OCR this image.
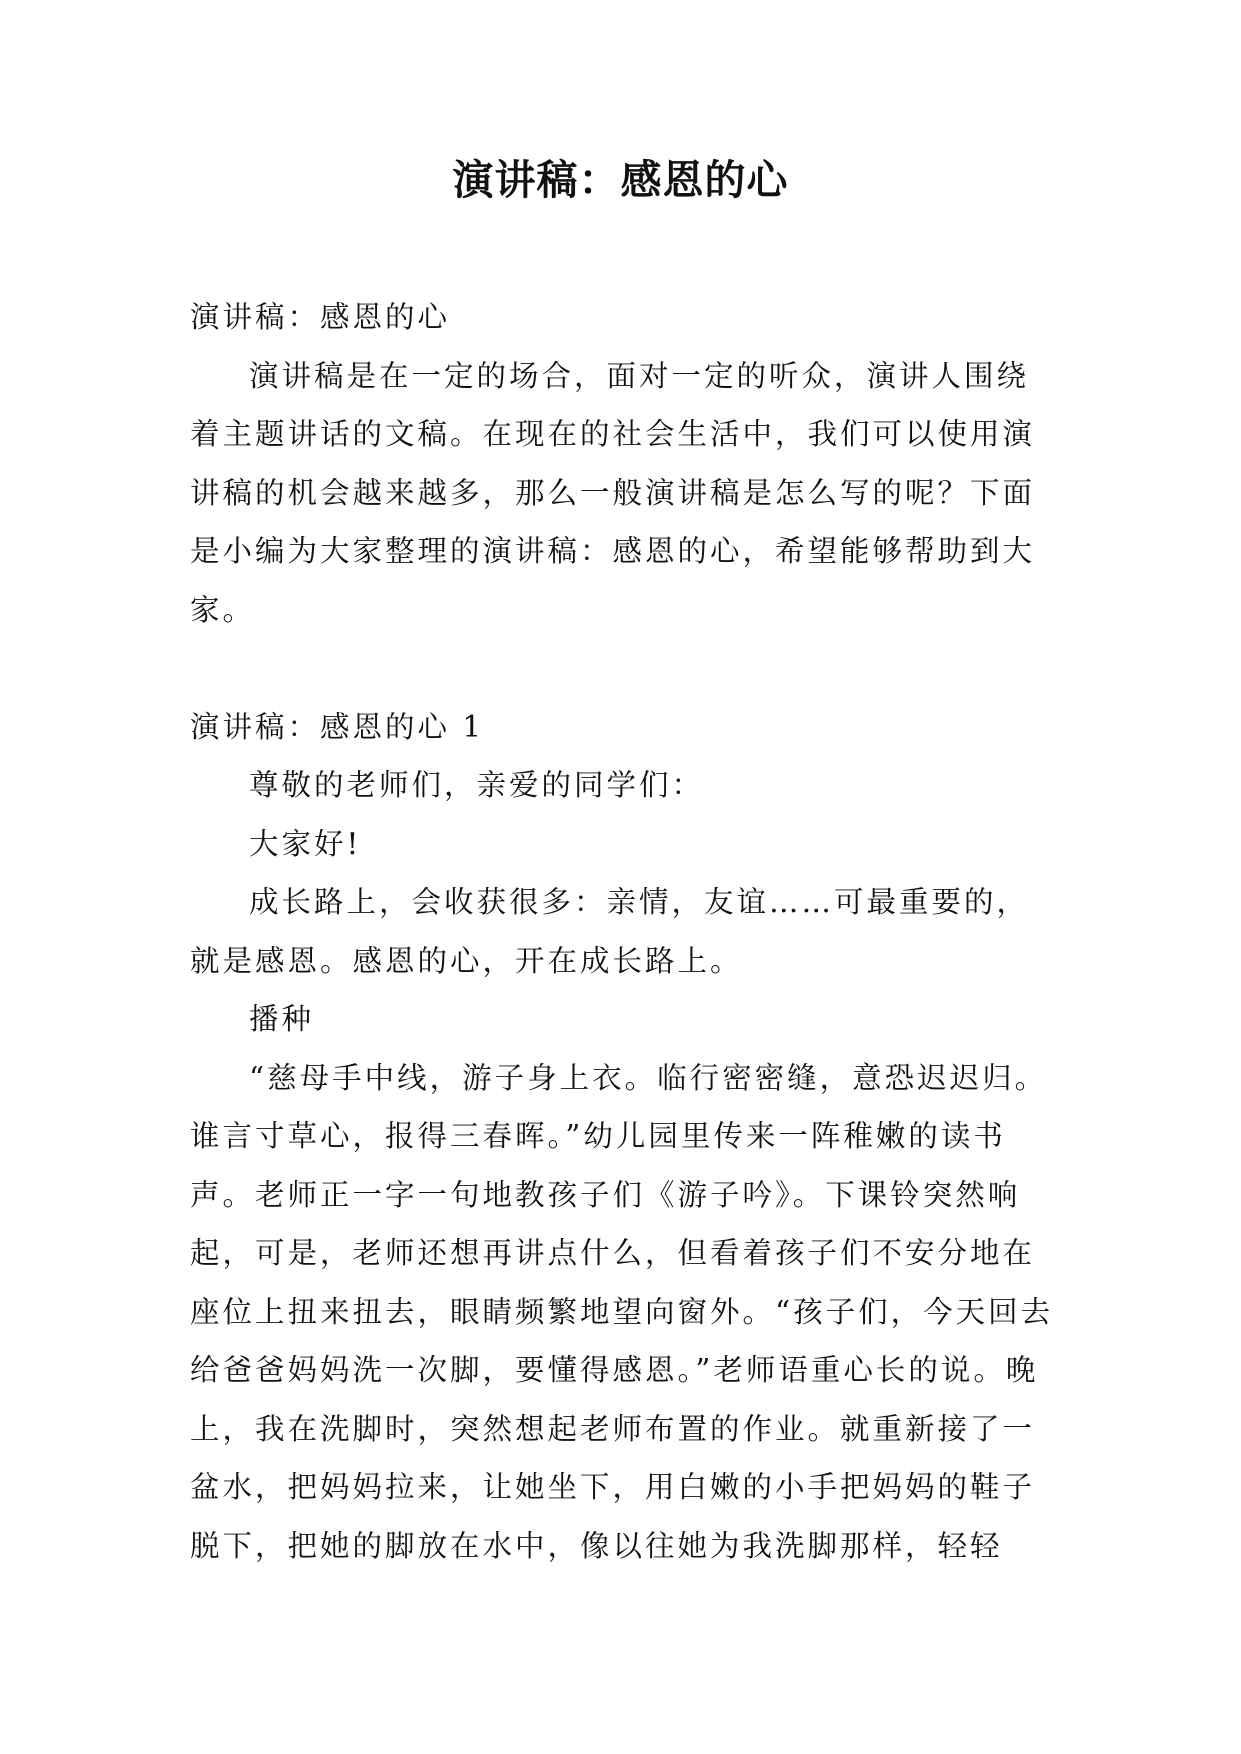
演讲稿：感恩的心

演讲稿：感恩的心

演讲稿是在一定的场合，面对一定的听众，演讲人围绕着主题讲话的文稿。在现在的社会生活中，我们可以使用演讲稿的机会越来越多，那么一般演讲稿是怎么写的呢？下面是小编为大家整理的演讲稿：感恩的心，希望能够帮助到大家。

演讲稿：感恩的心 1

尊敬的老师们，亲爱的同学们：

大家好!

成长路上，会收获很多：亲情，友谊……可最重要的，就是感恩。感恩的心，开在成长路上。

播种

“慈母手中线，游子身上衣。临行密密缝，意恐迟迟归。谁言寸草心，报得三春晖。”幼儿园里传来一阵稚嫩的读书声。老师正一字一句地教孩子们《游子吟》。下课铃突然响起，可是，老师还想再讲点什么，但看着孩子们不安分地在座位上扭来扭去，眼睛频繁地望向窗外。“孩子们，今天回去给爸爸妈妈洗一次脚，要懂得感恩。”老师语重心长的说。晚上，我在洗脚时，突然想起老师布置的作业。就重新接了一盆水，把妈妈拉来，让她坐下，用白嫩的小手把妈妈的鞋子脱下，把她的脚放在水中，像以往她为我洗脚那样，轻轻
